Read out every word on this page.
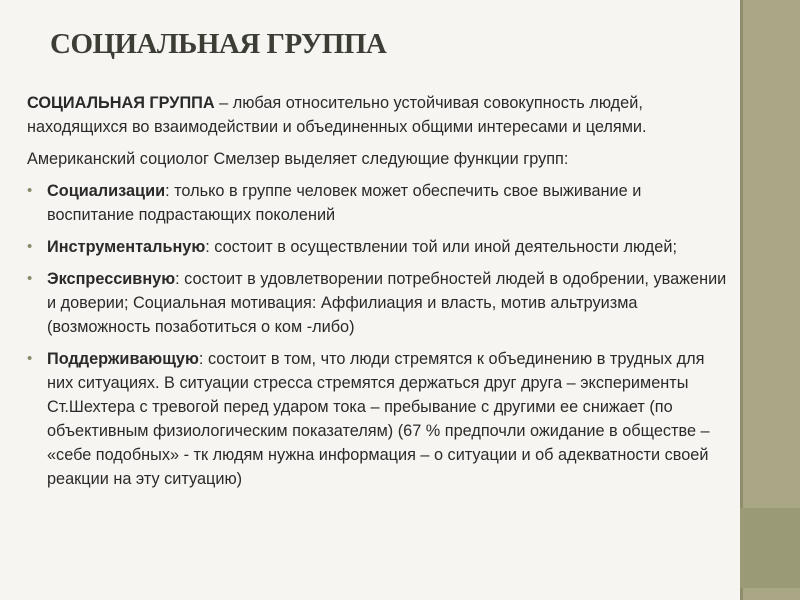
СОЦИАЛЬНАЯ ГРУППА

СОЦИАЛЬНАЯ ГРУППА – любая относительно устойчивая совокупность людей, находящихся во взаимодействии и объединенных общими интересами и целями.

Американский социолог Смелзер выделяет следующие функции групп:

• Социализации: только в группе человек может обеспечить свое выживание и воспитание подрастающих поколений
• Инструментальную: состоит в осуществлении той или иной деятельности людей;
• Экспрессивную: состоит в удовлетворении потребностей людей в одобрении, уважении и доверии; Социальная мотивация: Аффилиация и власть, мотив альтруизма (возможность позаботиться о ком -либо)
• Поддерживающую: состоит в том, что люди стремятся к объединению в трудных для них ситуациях. В ситуации стресса стремятся держаться друг друга – эксперименты Ст.Шехтера с тревогой перед ударом тока – пребывание с другими ее снижает (по объективным физиологическим показателям) (67 % предпочли ожидание в обществе – «себе подобных» - тк людям нужна информация – о ситуации и об адекватности своей реакции на эту ситуацию)
